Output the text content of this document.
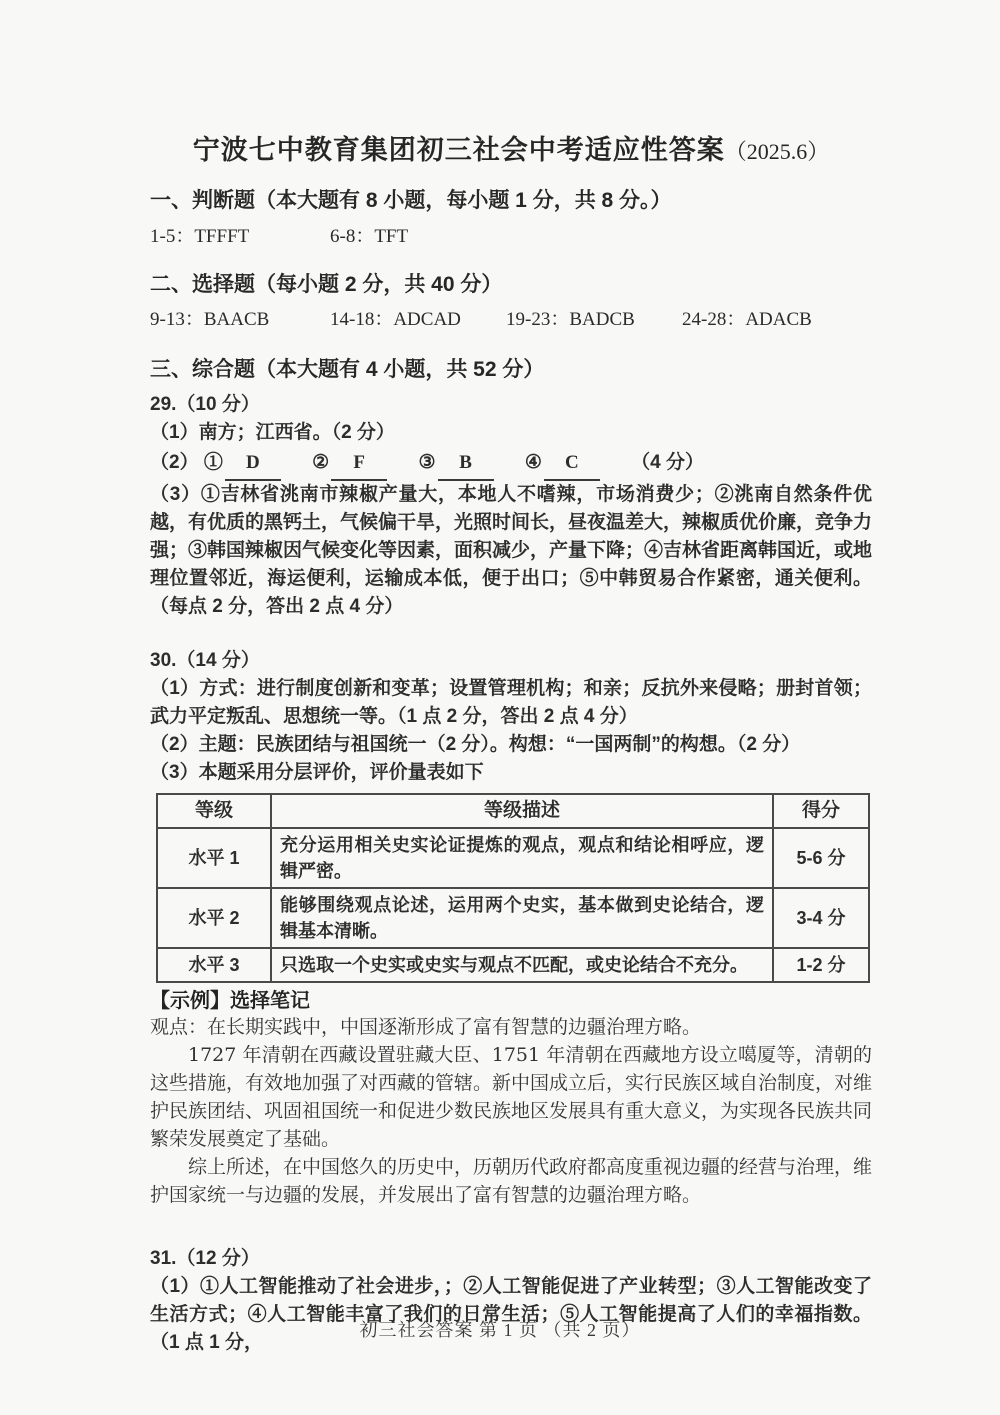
宁波七中教育集团初三社会中考适应性答案（2025.6）
一、判断题（本大题有 8 小题，每小题 1 分，共 8 分。）
1-5：TFFFT	6-8：TFT
二、选择题（每小题 2 分，共 40 分）
9-13：BAACB	14-18：ADCAD	19-23：BADCB	24-28：ADACB
三、综合题（本大题有 4 小题，共 52 分）

29.（10 分）

（1）南方；江西省。（2 分）

（2） ① D	② F	③ B	④ C	（4 分）

（3）①吉林省洮南市辣椒产量大，本地人不嗜辣，市场消费少；②洮南自然条件优越，有优质的黑钙土，气候偏干旱，光照时间长，昼夜温差大，辣椒质优价廉，竞争力强；③韩国辣椒因气候变化等因素，面积减少，产量下降；④吉林省距离韩国近，或地理位置邻近，海运便利，运输成本低，便于出口；⑤中韩贸易合作紧密，通关便利。（每点 2 分，答出 2 点 4 分）

30.（14 分）

（1）方式：进行制度创新和变革；设置管理机构；和亲；反抗外来侵略；册封首领；武力平定叛乱、思想统一等。（1 点 2 分，答出 2 点 4 分）

（2）主题：民族团结与祖国统一（2 分）。构想：“一国两制”的构想。（2 分）

（3）本题采用分层评价，评价量表如下

等级	等级描述	得分
水平 1	充分运用相关史实论证提炼的观点，观点和结论相呼应，逻辑严密。	5-6 分
水平 2	能够围绕观点论述，运用两个史实，基本做到史论结合，逻辑基本清晰。	3-4 分
水平 3	只选取一个史实或史实与观点不匹配，或史论结合不充分。	1-2 分

【示例】选择笔记

观点：在长期实践中，中国逐渐形成了富有智慧的边疆治理方略。

1727 年清朝在西藏设置驻藏大臣、1751 年清朝在西藏地方设立噶厦等，清朝的这些措施，有效地加强了对西藏的管辖。新中国成立后，实行民族区域自治制度，对维护民族团结、巩固祖国统一和促进少数民族地区发展具有重大意义，为实现各民族共同繁荣发展奠定了基础。

综上所述，在中国悠久的历史中，历朝历代政府都高度重视边疆的经营与治理，维护国家统一与边疆的发展，并发展出了富有智慧的边疆治理方略。

31.（12 分）

（1）①人工智能推动了社会进步，；②人工智能促进了产业转型；③人工智能改变了生活方式；④人工智能丰富了我们的日常生活；⑤人工智能提高了人们的幸福指数。（1 点 1 分，

初三社会答案 第 1 页 （共 2 页）
